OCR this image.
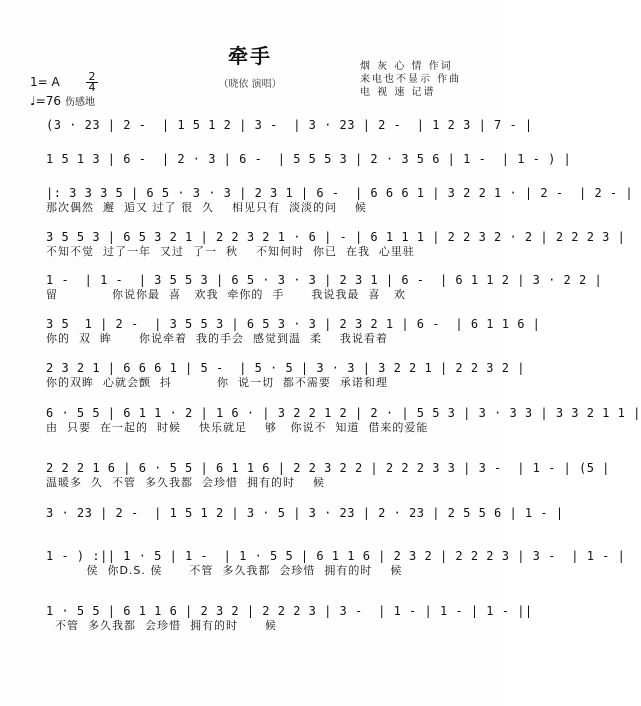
牵手
（晓依 演唱）
烟 灰 心 情 作词
来电也不显示 作曲
电 视 速 记谱
1= A	2
4
♩=76 伤感地
(3 · 23 | 2 -  | 1 5 1 2 | 3 -  | 3 · 23 | 2 -  | 1 2 3 | 7 - |
1 5 1 3 | 6 -  | 2 · 3 | 6 -  | 5 5 5 3 | 2 · 3 5 6 | 1 -  | 1 - ) |
|: 3 3 3 5 | 6 5 · 3 · 3 | 2 3 1 | 6 -  | 6 6 6 1 | 3 2 2 1 · | 2 -  | 2 - |
那次偶然  邂  逅又 过了 很  久    相见只有  淡淡的问    候
3 5 5 3 | 6 5 3 2 1 | 2 2 3 2 1 · 6 | - | 6 1 1 1 | 2 2 3 2 · 2 | 2 2 2 3 |
不知不觉  过了一年  又过  了一  秋    不知何时  你已  在我  心里驻
1 -  | 1 -  | 3 5 5 3 | 6 5 · 3 · 3 | 2 3 1 | 6 -  | 6 1 1 2 | 3 · 2 2 |
留            你说你最  喜   欢我  牵你的  手      我说我最  喜   欢
3 5  1 | 2 -  | 3 5 5 3 | 6 5 3 · 3 | 2 3 2 1 | 6 -  | 6 1 1 6 |
你的  双  眸      你说牵着  我的手会  感觉到温  柔    我说看着
2 3 2 1 | 6 6 6 1 | 5 -  | 5 · 5 | 3 · 3 | 3 2 2 1 | 2 2 3 2 |
你的双眸  心就会颤  抖          你  说一切  都不需要  承诺和理
6 · 5 5 | 6 1 1 · 2 | 1 6 · | 3 2 2 1 2 | 2 · | 5 5 3 | 3 · 3 3 | 3 3 2 1 1 |
由  只要  在一起的  时候    快乐就足    够   你说不  知道  借来的爱能
2 2 2 1 6 | 6 · 5 5 | 6 1 1 6 | 2 2 3 2 2 | 2 2 2 3 3 | 3 -  | 1 - | (5 |
温暖多  久  不管  多久我都  会珍惜  拥有的时    候
3 · 23 | 2 -  | 1 5 1 2 | 3 · 5 | 3 · 23 | 2 · 23 | 2 5 5 6 | 1 - |
1 - ) :|| 1 · 5 | 1 -  | 1 · 5 5 | 6 1 1 6 | 2 3 2 | 2 2 2 3 | 3 -  | 1 - |
侯  你D.S. 侯      不管  多久我都  会珍惜  拥有的时    候
1 · 5 5 | 6 1 1 6 | 2 3 2 | 2 2 2 3 | 3 -  | 1 - | 1 - | 1 - ||
不管  多久我都  会珍惜  拥有的时      候
